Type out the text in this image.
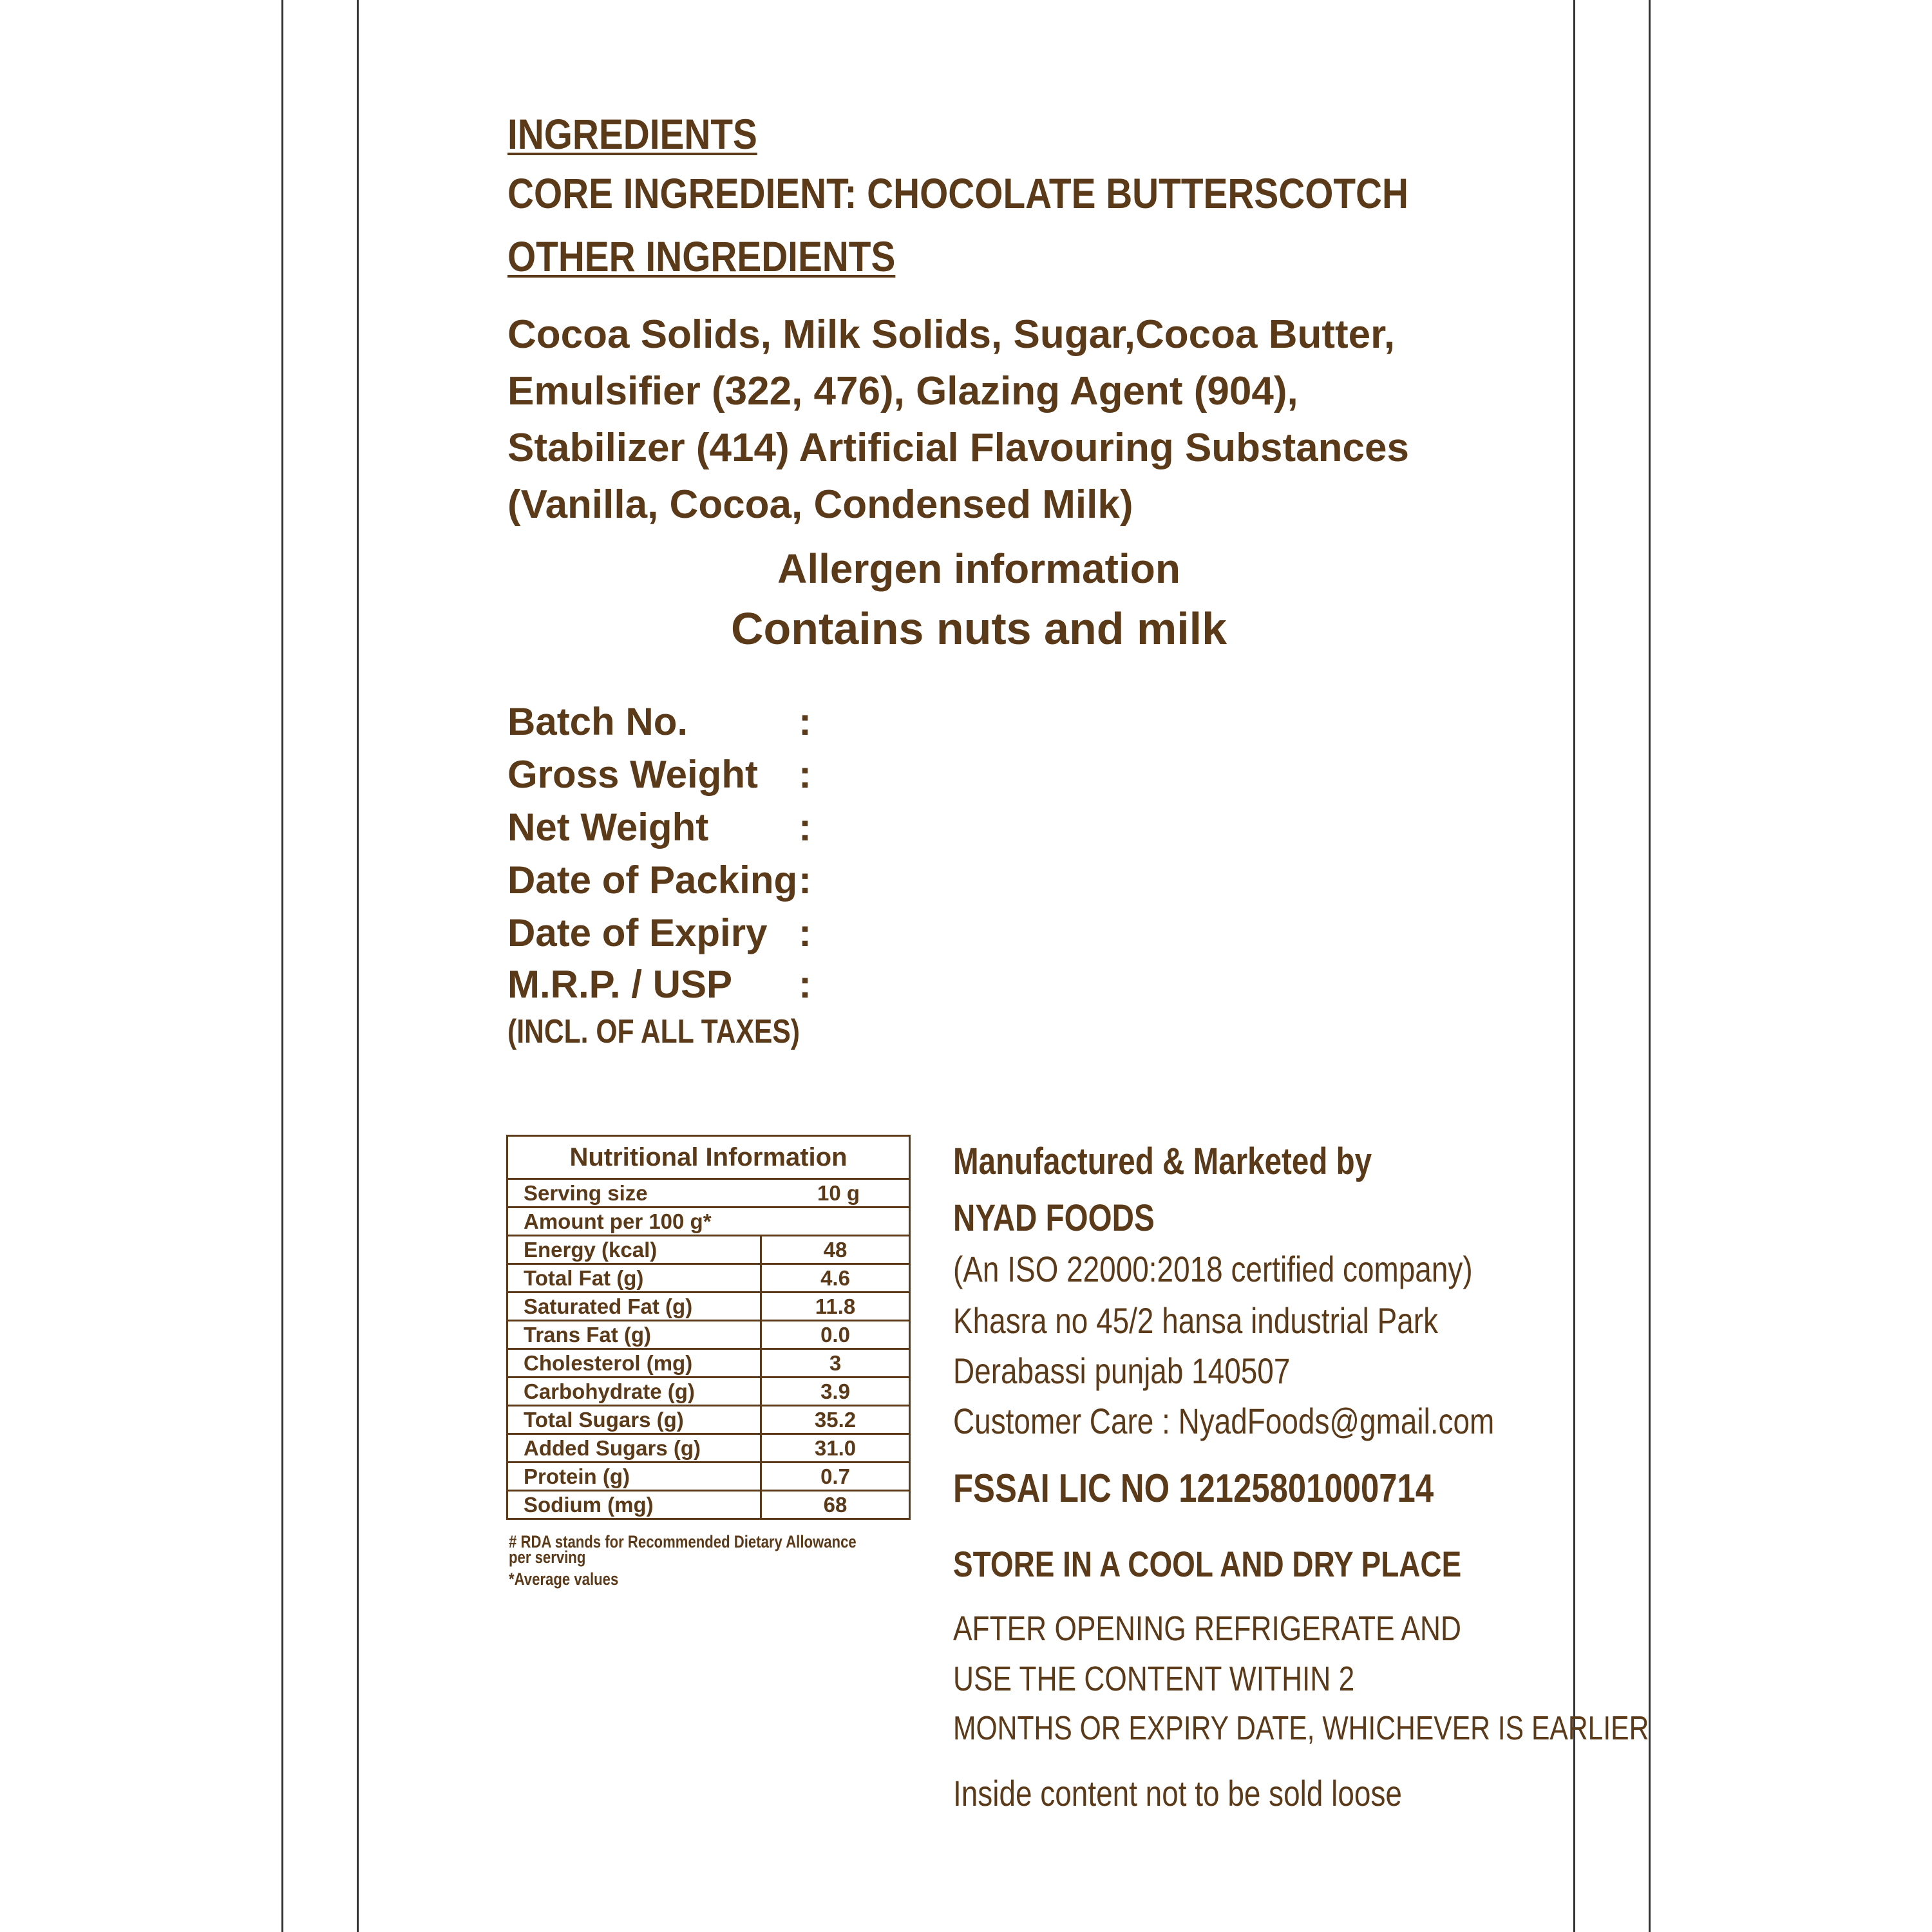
INGREDIENTS
CORE INGREDIENT: CHOCOLATE BUTTERSCOTCH
OTHER INGREDIENTS
Cocoa Solids, Milk Solids, Sugar,Cocoa Butter,
Emulsifier (322, 476), Glazing Agent (904),
Stabilizer (414) Artificial Flavouring Substances
(Vanilla, Cocoa, Condensed Milk)
Allergen information
Contains nuts and milk
Batch No.	:
Gross Weight :
Net Weight :
Date of Packing :
Date of Expiry :
M.R.P. / USP :
(INCL. OF ALL TAXES)
Nutritional Information	
Serving size 10 g	

Amount per 100 g*	
Energy (kcal)	48
Total Fat (g)	4.6
Saturated Fat (g)	11.8
Trans Fat (g)	0.0
Cholesterol (mg)	3
Carbohydrate (g)	3.9
Total Sugars (g)	35.2
Added Sugars (g)	31.0
Protein (g)	0.7
Sodium (mg)	68
# RDA stands for Recommended Dietary Allowance per serving
*Average values
Manufactured & Marketed by
NYAD FOODS
(An ISO 22000:2018 certified company)
Khasra no 45/2 hansa industrial Park
Derabassi punjab 140507
Customer Care : NyadFoods@gmail.com
FSSAI LIC NO 12125801000714
STORE IN A COOL AND DRY PLACE
AFTER OPENING REFRIGERATE AND
USE THE CONTENT WITHIN 2
MONTHS OR EXPIRY DATE, WHICHEVER IS EARLIER
Inside content not to be sold loose
